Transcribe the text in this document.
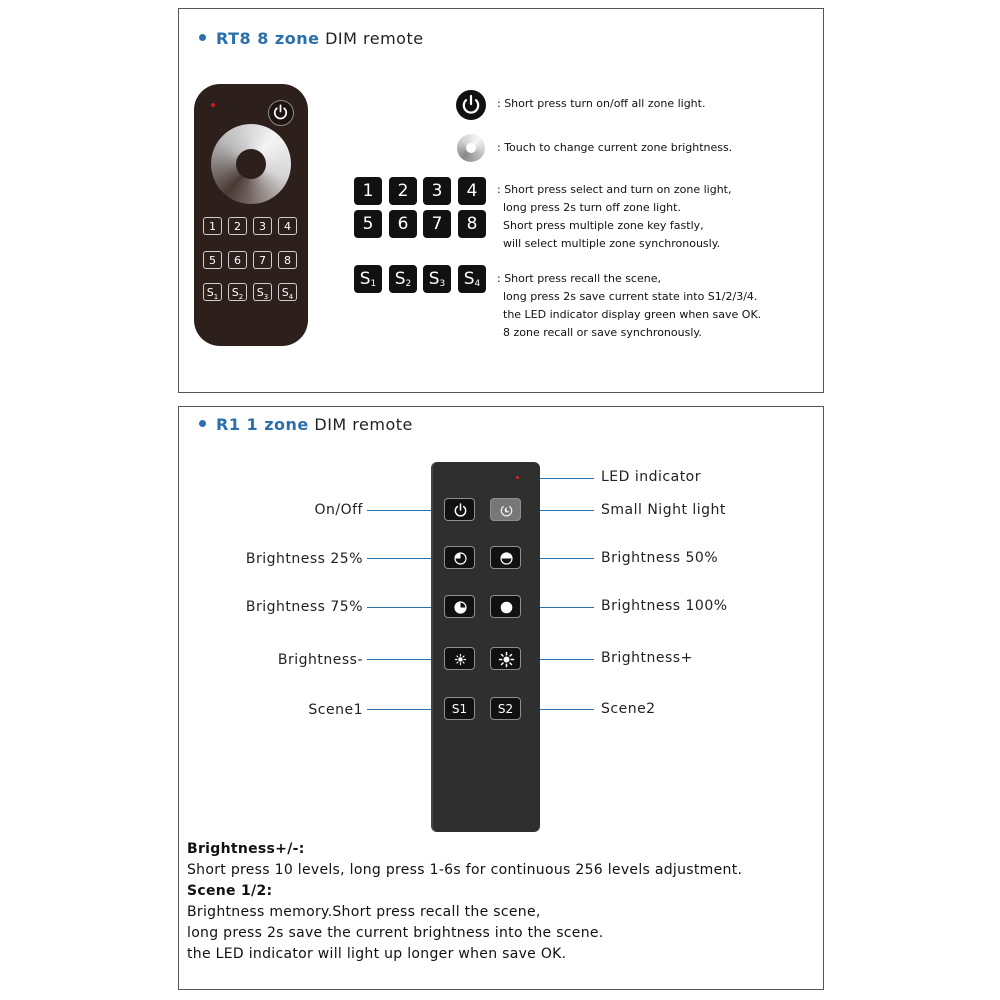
RT8 8 zone DIM remote
1	2	3	4
5	6	7	8
$S_1$	$S_2$	$S_3$	$S_4$
: Short press turn on/off all zone light.
: Touch to change current zone brightness.
1	2	3	4
5	6	7	8
: Short press select and turn on zone light,
long press 2s turn off zone light.
Short press multiple zone key fastly,
will select multiple zone synchronously.
$S_1$	$S_2$	$S_3$	$S_4$	: Short press recall the scene,
long press 2s save current state into S1/2/3/4.
the LED indicator display green when save OK.
8 zone recall or save synchronously.
R1 1 zone DIM remote
S1	S2
LED indicator
On/Off	Small Night light
Brightness 25%	Brightness 50%
Brightness 75%	Brightness 100%
Brightness-	Brightness+
Scene1	Scene2
Brightness+/-:
Short press 10 levels, long press 1-6s for continuous 256 levels adjustment.
Scene 1/2:
Brightness memory.Short press recall the scene,
long press 2s save the current brightness into the scene.
the LED indicator will light up longer when save OK.
